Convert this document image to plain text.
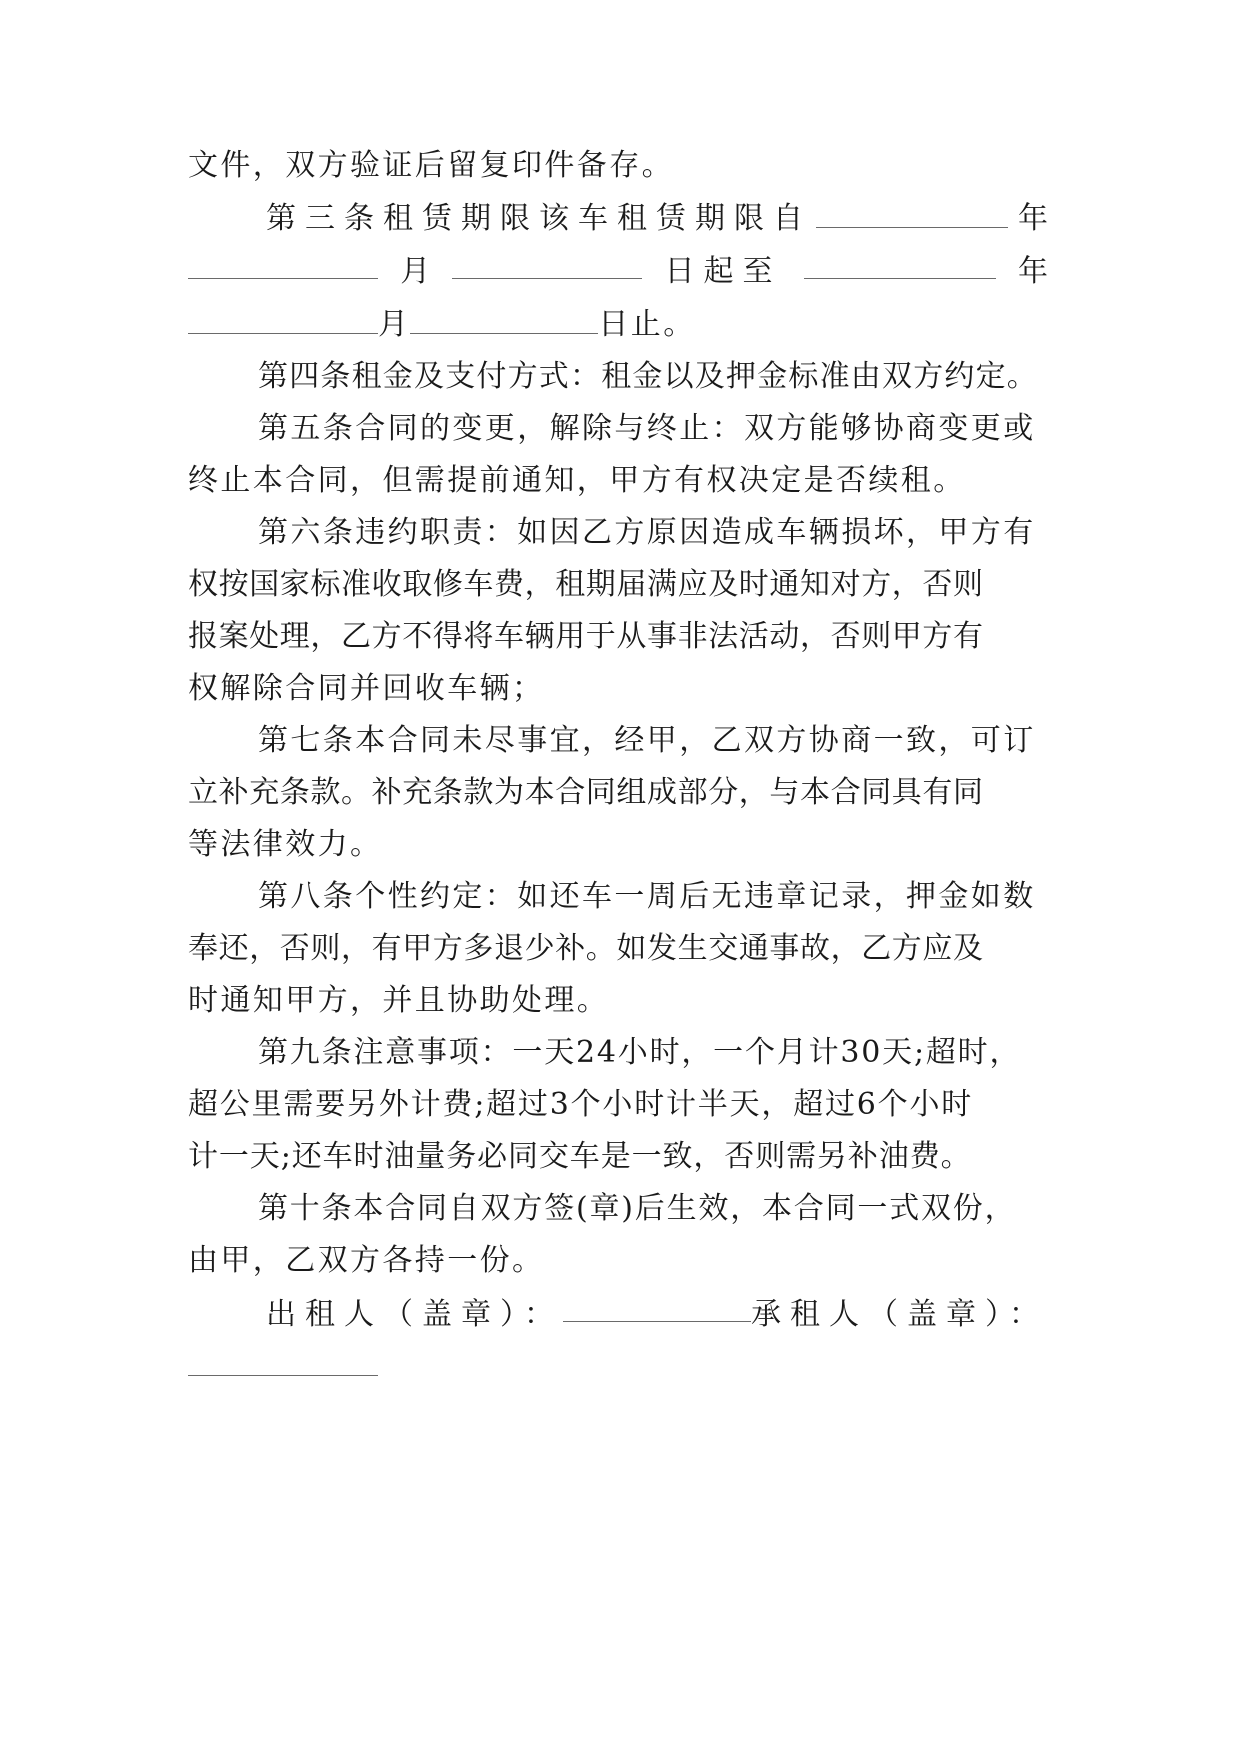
文件，双方验证后留复印件备存。
第三条租赁期限该车租赁期限自	年
月	日起至	年
月	日止。
第四条租金及支付方式：租金以及押金标准由双方约定。
第五条合同的变更，解除与终止：双方能够协商变更或
终止本合同，但需提前通知，甲方有权决定是否续租。
第六条违约职责：如因乙方原因造成车辆损坏，甲方有
权按国家标准收取修车费，租期届满应及时通知对方，否则
报案处理，乙方不得将车辆用于从事非法活动，否则甲方有
权解除合同并回收车辆；
第七条本合同未尽事宜，经甲，乙双方协商一致，可订
立补充条款。补充条款为本合同组成部分，与本合同具有同
等法律效力。
第八条个性约定：如还车一周后无违章记录，押金如数
奉还，否则，有甲方多退少补。如发生交通事故，乙方应及
时通知甲方，并且协助处理。
第九条注意事项：一天24小时，一个月计30天;超时，
超公里需要另外计费;超过3个小时计半天，超过6个小时
计一天;还车时油量务必同交车是一致，否则需另补油费。
第十条本合同自双方签(章)后生效，本合同一式双份，
由甲，乙双方各持一份。
出租人（盖章）：	承租人（盖章）：
